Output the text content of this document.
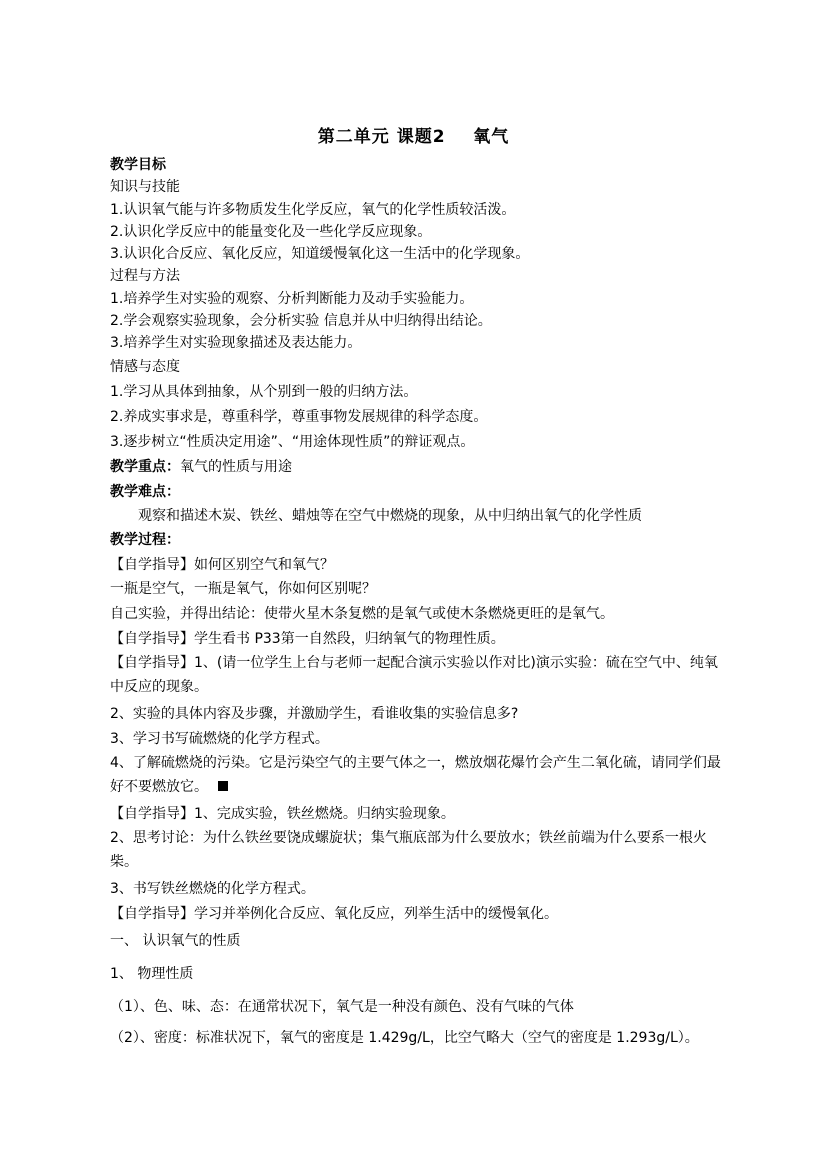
第二单元 课题2    氧气
教学目标
知识与技能
1.认识氧气能与许多物质发生化学反应，氧气的化学性质较活泼。
2.认识化学反应中的能量变化及一些化学反应现象。
3.认识化合反应、氧化反应，知道缓慢氧化这一生活中的化学现象。
过程与方法
1.培养学生对实验的观察、分析判断能力及动手实验能力。
2.学会观察实验现象，会分析实验 信息并从中归纳得出结论。
3.培养学生对实验现象描述及表达能力。
情感与态度
1.学习从具体到抽象，从个别到一般的归纳方法。
2.养成实事求是，尊重科学，尊重事物发展规律的科学态度。
3.逐步树立“性质决定用途”、“用途体现性质”的辩证观点。
教学重点：氧气的性质与用途
教学难点：
观察和描述木炭、铁丝、蜡烛等在空气中燃烧的现象，从中归纳出氧气的化学性质
教学过程：
【自学指导】如何区别空气和氧气？
一瓶是空气，一瓶是氧气，你如何区别呢？
自己实验，并得出结论：使带火星木条复燃的是氧气或使木条燃烧更旺的是氧气。
【自学指导】学生看书 P33第一自然段，归纳氧气的物理性质。
【自学指导】1、(请一位学生上台与老师一起配合演示实验以作对比)演示实验：硫在空气中、纯氧中反应的现象。
2、实验的具体内容及步骤，并激励学生，看谁收集的实验信息多?
3、学习书写硫燃烧的化学方程式。
4、了解硫燃烧的污染。它是污染空气的主要气体之一，燃放烟花爆竹会产生二氧化硫，请同学们最好不要燃放它。
【自学指导】1、完成实验，铁丝燃烧。归纳实验现象。
2、思考讨论：为什么铁丝要饶成螺旋状；集气瓶底部为什么要放水；铁丝前端为什么要系一根火柴。
3、书写铁丝燃烧的化学方程式。
【自学指导】学习并举例化合反应、氧化反应，列举生活中的缓慢氧化。
一、 认识氧气的性质
1、 物理性质
（1）、色、味、态：在通常状况下，氧气是一种没有颜色、没有气味的气体
（2）、密度：标准状况下，氧气的密度是 1.429g/L，比空气略大（空气的密度是 1.293g/L）。
